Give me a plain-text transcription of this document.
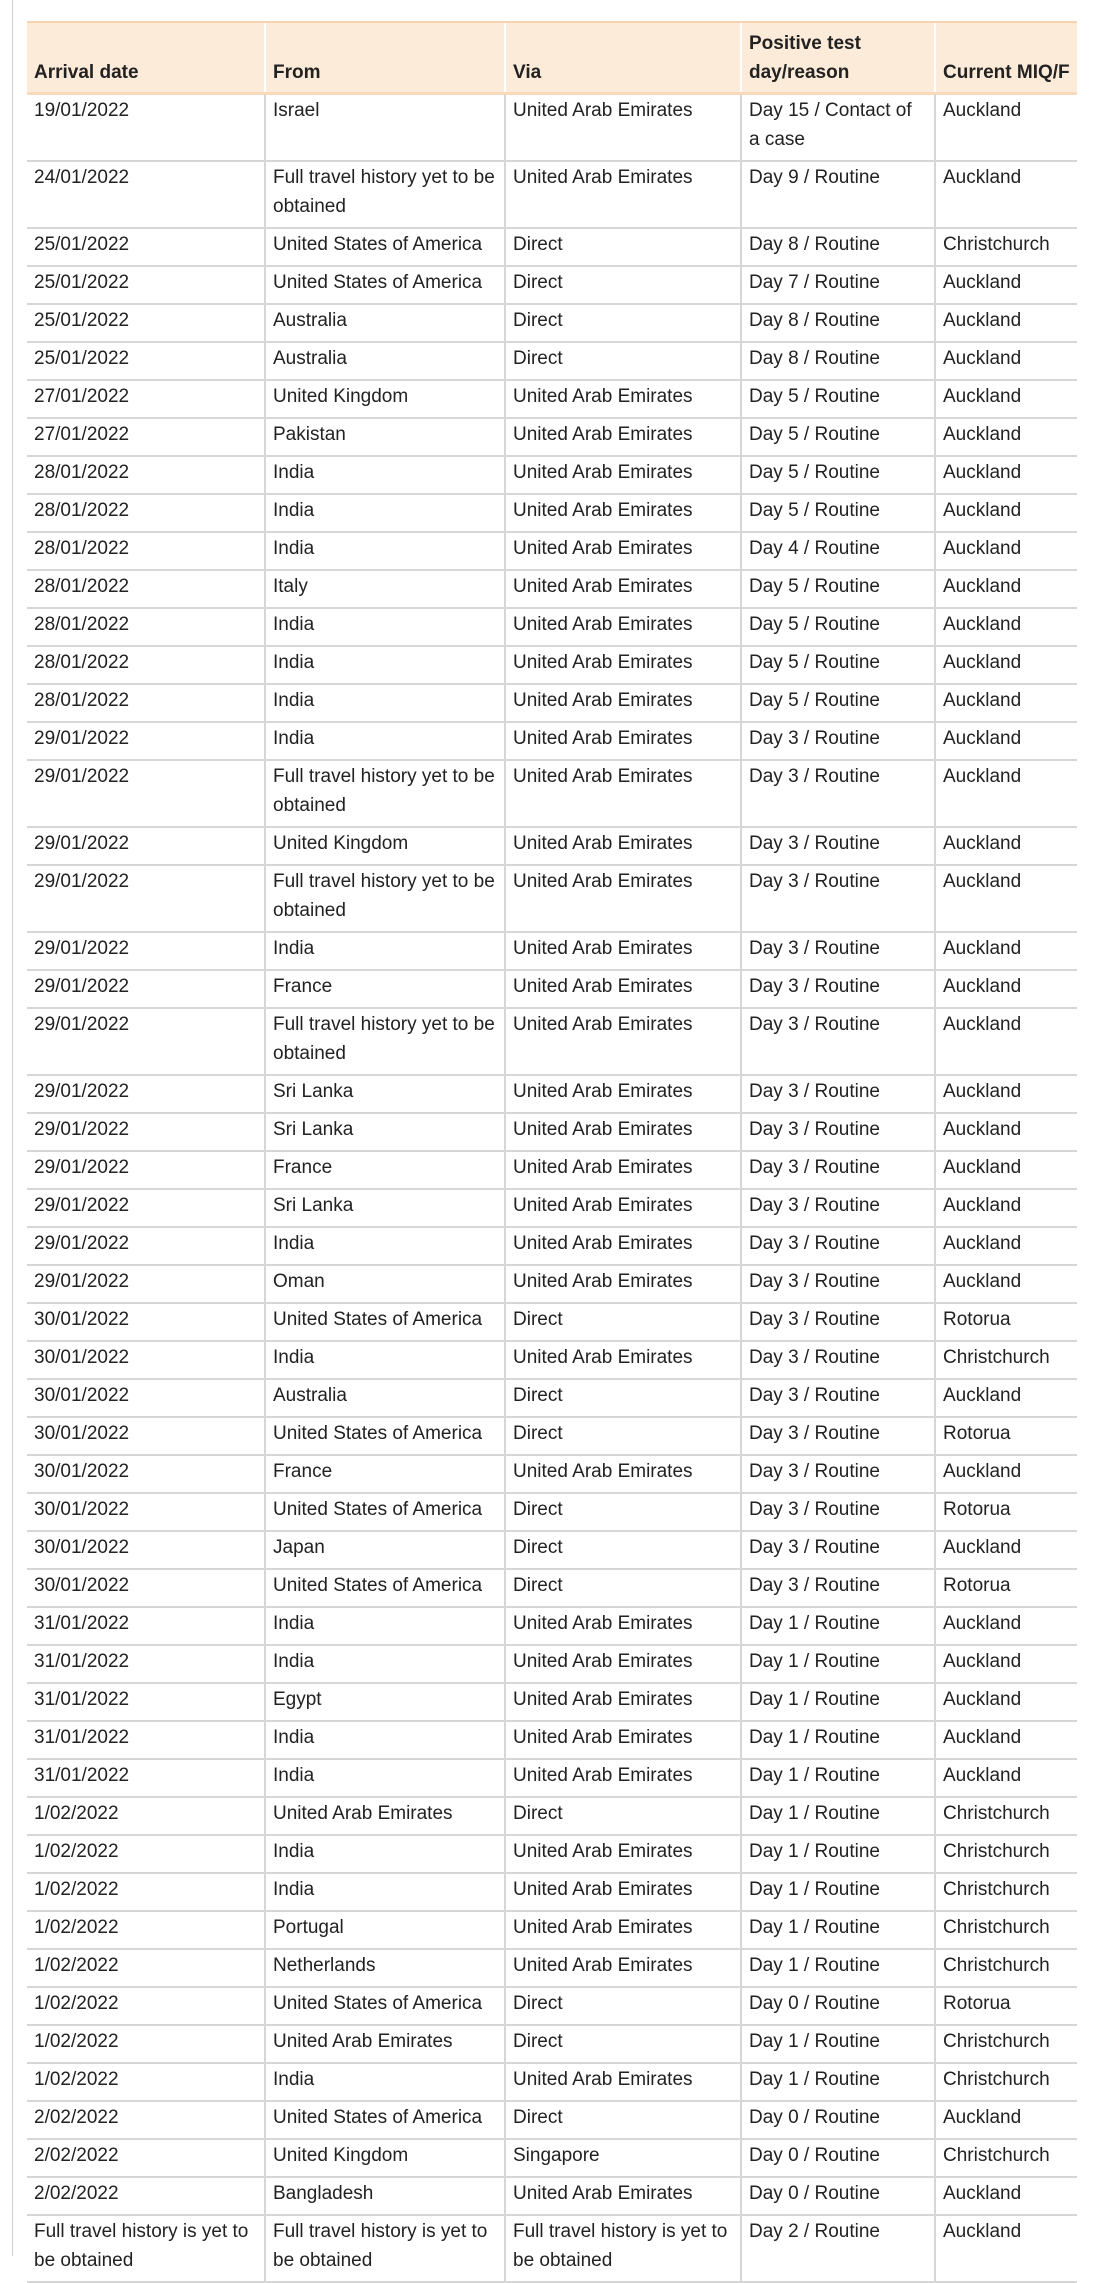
Arrival date	From	Via	Positive test day/reason	Current MIQ/F
19/01/2022	Israel	United Arab Emirates	Day 15 / Contact of a case	Auckland
24/01/2022	Full travel history yet to be obtained	United Arab Emirates	Day 9 / Routine	Auckland
25/01/2022	United States of America	Direct	Day 8 / Routine	Christchurch
25/01/2022	United States of America	Direct	Day 7 / Routine	Auckland
25/01/2022	Australia	Direct	Day 8 / Routine	Auckland
25/01/2022	Australia	Direct	Day 8 / Routine	Auckland
27/01/2022	United Kingdom	United Arab Emirates	Day 5 / Routine	Auckland
27/01/2022	Pakistan	United Arab Emirates	Day 5 / Routine	Auckland
28/01/2022	India	United Arab Emirates	Day 5 / Routine	Auckland
28/01/2022	India	United Arab Emirates	Day 5 / Routine	Auckland
28/01/2022	India	United Arab Emirates	Day 4 / Routine	Auckland
28/01/2022	Italy	United Arab Emirates	Day 5 / Routine	Auckland
28/01/2022	India	United Arab Emirates	Day 5 / Routine	Auckland
28/01/2022	India	United Arab Emirates	Day 5 / Routine	Auckland
28/01/2022	India	United Arab Emirates	Day 5 / Routine	Auckland
29/01/2022	India	United Arab Emirates	Day 3 / Routine	Auckland
29/01/2022	Full travel history yet to be obtained	United Arab Emirates	Day 3 / Routine	Auckland
29/01/2022	United Kingdom	United Arab Emirates	Day 3 / Routine	Auckland
29/01/2022	Full travel history yet to be obtained	United Arab Emirates	Day 3 / Routine	Auckland
29/01/2022	India	United Arab Emirates	Day 3 / Routine	Auckland
29/01/2022	France	United Arab Emirates	Day 3 / Routine	Auckland
29/01/2022	Full travel history yet to be obtained	United Arab Emirates	Day 3 / Routine	Auckland
29/01/2022	Sri Lanka	United Arab Emirates	Day 3 / Routine	Auckland
29/01/2022	Sri Lanka	United Arab Emirates	Day 3 / Routine	Auckland
29/01/2022	France	United Arab Emirates	Day 3 / Routine	Auckland
29/01/2022	Sri Lanka	United Arab Emirates	Day 3 / Routine	Auckland
29/01/2022	India	United Arab Emirates	Day 3 / Routine	Auckland
29/01/2022	Oman	United Arab Emirates	Day 3 / Routine	Auckland
30/01/2022	United States of America	Direct	Day 3 / Routine	Rotorua
30/01/2022	India	United Arab Emirates	Day 3 / Routine	Christchurch
30/01/2022	Australia	Direct	Day 3 / Routine	Auckland
30/01/2022	United States of America	Direct	Day 3 / Routine	Rotorua
30/01/2022	France	United Arab Emirates	Day 3 / Routine	Auckland
30/01/2022	United States of America	Direct	Day 3 / Routine	Rotorua
30/01/2022	Japan	Direct	Day 3 / Routine	Auckland
30/01/2022	United States of America	Direct	Day 3 / Routine	Rotorua
31/01/2022	India	United Arab Emirates	Day 1 / Routine	Auckland
31/01/2022	India	United Arab Emirates	Day 1 / Routine	Auckland
31/01/2022	Egypt	United Arab Emirates	Day 1 / Routine	Auckland
31/01/2022	India	United Arab Emirates	Day 1 / Routine	Auckland
31/01/2022	India	United Arab Emirates	Day 1 / Routine	Auckland
1/02/2022	United Arab Emirates	Direct	Day 1 / Routine	Christchurch
1/02/2022	India	United Arab Emirates	Day 1 / Routine	Christchurch
1/02/2022	India	United Arab Emirates	Day 1 / Routine	Christchurch
1/02/2022	Portugal	United Arab Emirates	Day 1 / Routine	Christchurch
1/02/2022	Netherlands	United Arab Emirates	Day 1 / Routine	Christchurch
1/02/2022	United States of America	Direct	Day 0 / Routine	Rotorua
1/02/2022	United Arab Emirates	Direct	Day 1 / Routine	Christchurch
1/02/2022	India	United Arab Emirates	Day 1 / Routine	Christchurch
2/02/2022	United States of America	Direct	Day 0 / Routine	Auckland
2/02/2022	United Kingdom	Singapore	Day 0 / Routine	Christchurch
2/02/2022	Bangladesh	United Arab Emirates	Day 0 / Routine	Auckland
Full travel history is yet to be obtained	Full travel history is yet to be obtained	Full travel history is yet to be obtained	Day 2 / Routine	Auckland
